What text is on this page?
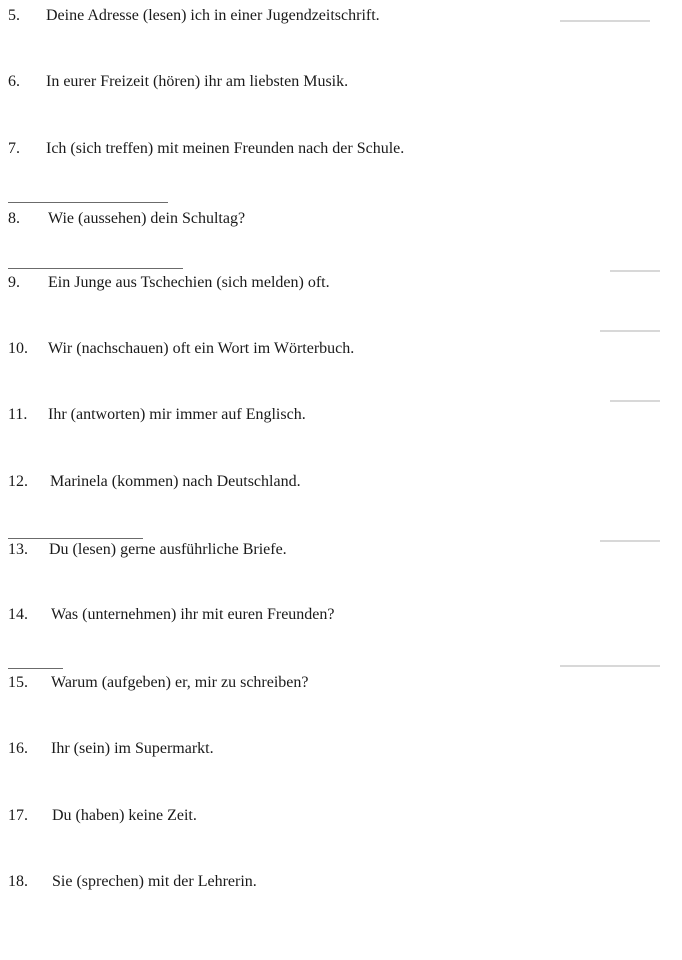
5. Deine Adresse (lesen) ich in einer Jugendzeitschrift.
6. In eurer Freizeit (hören) ihr am liebsten Musik.
7. Ich (sich treffen) mit meinen Freunden nach der Schule.
8. Wie (aussehen) dein Schultag?
9. Ein Junge aus Tschechien (sich melden) oft.
10. Wir (nachschauen) oft ein Wort im Wörterbuch.
11. Ihr (antworten) mir immer auf Englisch.
12. Marinela (kommen) nach Deutschland.
13. Du (lesen) gerne ausführliche Briefe.
14. Was (unternehmen) ihr mit euren Freunden?
15. Warum (aufgeben) er, mir zu schreiben?
16. Ihr (sein) im Supermarkt.
17. Du (haben) keine Zeit.
18. Sie (sprechen) mit der Lehrerin.
